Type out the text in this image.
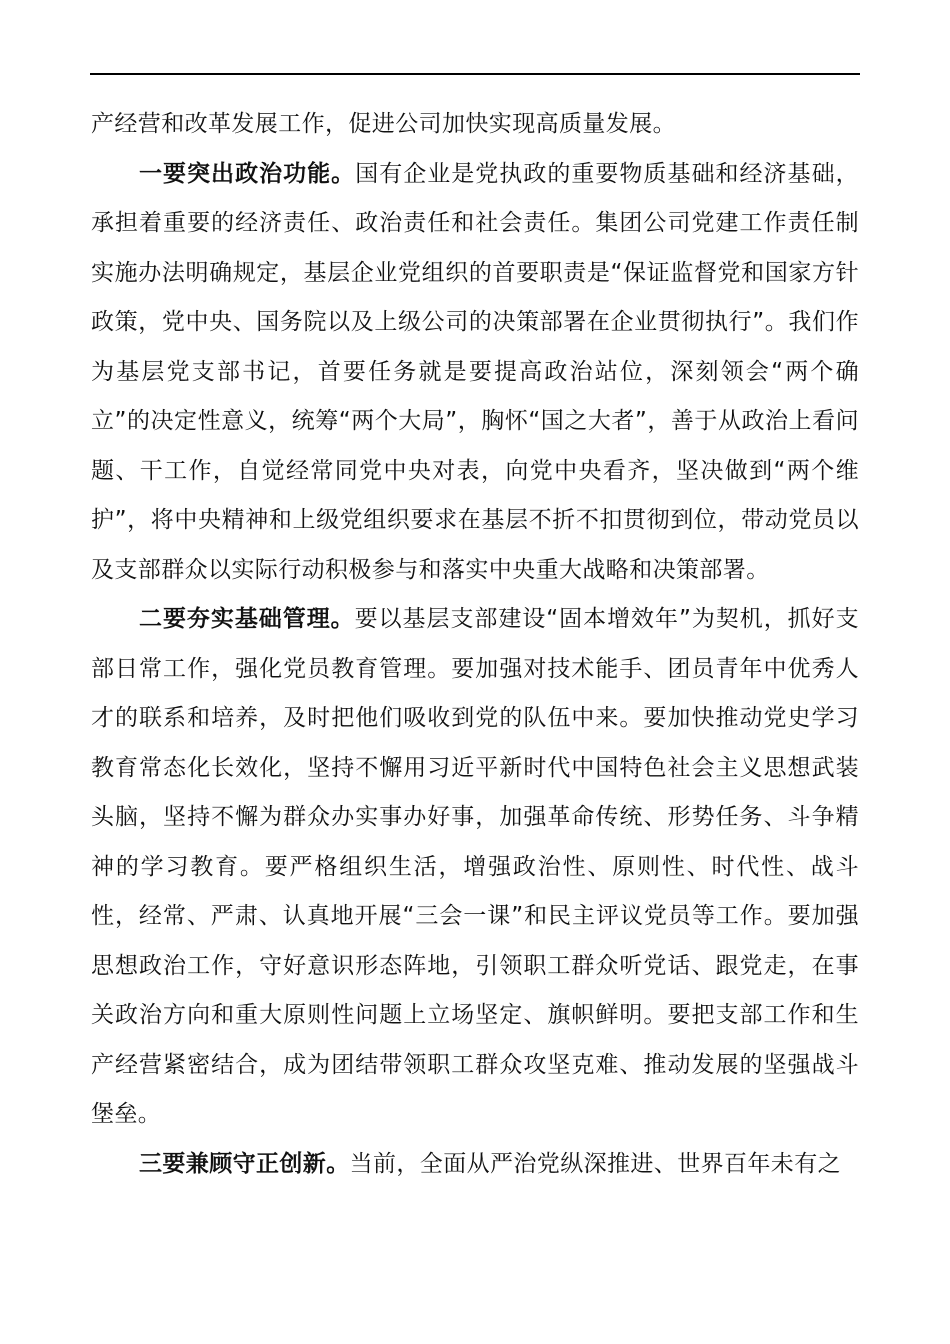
产经营和改革发展工作，促进公司加快实现高质量发展。

一要突出政治功能。国有企业是党执政的重要物质基础和经济基础，承担着重要的经济责任、政治责任和社会责任。集团公司党建工作责任制实施办法明确规定，基层企业党组织的首要职责是“保证监督党和国家方针政策，党中央、国务院以及上级公司的决策部署在企业贯彻执行”。我们作为基层党支部书记，首要任务就是要提高政治站位，深刻领会“两个确立”的决定性意义，统筹“两个大局”，胸怀“国之大者”，善于从政治上看问题、干工作，自觉经常同党中央对表，向党中央看齐，坚决做到“两个维护”，将中央精神和上级党组织要求在基层不折不扣贯彻到位，带动党员以及支部群众以实际行动积极参与和落实中央重大战略和决策部署。

二要夯实基础管理。要以基层支部建设“固本增效年”为契机，抓好支部日常工作，强化党员教育管理。要加强对技术能手、团员青年中优秀人才的联系和培养，及时把他们吸收到党的队伍中来。要加快推动党史学习教育常态化长效化，坚持不懈用习近平新时代中国特色社会主义思想武装头脑，坚持不懈为群众办实事办好事，加强革命传统、形势任务、斗争精神的学习教育。要严格组织生活，增强政治性、原则性、时代性、战斗性，经常、严肃、认真地开展“三会一课”和民主评议党员等工作。要加强思想政治工作，守好意识形态阵地，引领职工群众听党话、跟党走，在事关政治方向和重大原则性问题上立场坚定、旗帜鲜明。要把支部工作和生产经营紧密结合，成为团结带领职工群众攻坚克难、推动发展的坚强战斗堡垒。

三要兼顾守正创新。当前，全面从严治党纵深推进、世界百年未有之
